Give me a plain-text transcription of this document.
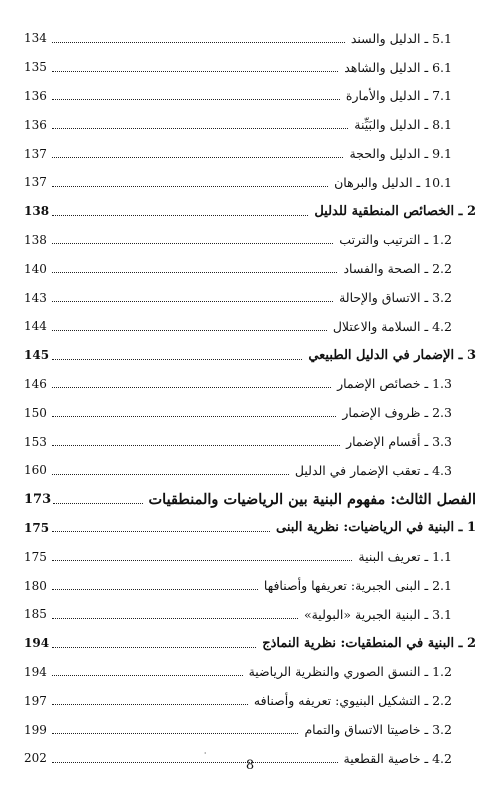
5.1 ـ الدليل والسند
134
6.1 ـ الدليل والشاهد
135
7.1 ـ الدليل والأمارة
136
8.1 ـ الدليل والبَيِّنة
136
9.1 ـ الدليل والحجة
137
10.1 ـ الدليل والبرهان
137
2 ـ الخصائص المنطقية للدليل
138
1.2 ـ الترتيب والترتب
138
2.2 ـ الصحة والفساد
140
3.2 ـ الاتساق والإحالة
143
4.2 ـ السلامة والاعتلال
144
3 ـ الإضمار في الدليل الطبيعي
145
1.3 ـ خصائص الإضمار
146
2.3 ـ ظروف الإضمار
150
3.3 ـ أقسام الإضمار
153
4.3 ـ تعقب الإضمار في الدليل
160
الفصل الثالث: مفهوم البنية بين الرياضيات والمنطقيات
173
1 ـ البنية في الرياضيات: نظرية البنى
175
1.1 ـ تعريف البنية
175
2.1 ـ البنى الجبرية: تعريفها وأصنافها
180
3.1 ـ البنية الجبرية «البولية»
185
2 ـ البنية في المنطقيات: نظرية النماذج
194
1.2 ـ النسق الصوري والنظرية الرياضية
194
2.2 ـ التشكيل البنيوي: تعريفه وأصنافه
197
3.2 ـ خاصيتا الاتساق والتمام
199
4.2 ـ خاصية القطعية
202
ˌ
8
